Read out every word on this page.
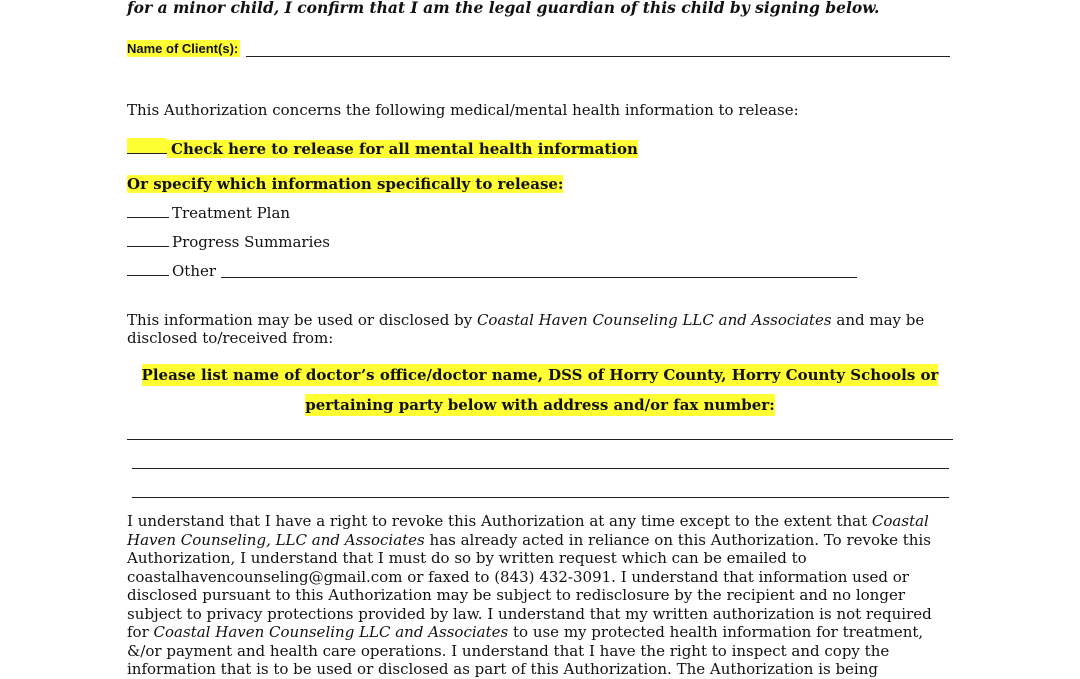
for a minor child, I confirm that I am the legal guardian of this child by signing below.
Name of Client(s):
This Authorization concerns the following medical/mental health information to release:
Check here to release for all mental health information
Or specify which information specifically to release:
Treatment Plan
Progress Summaries
Other
This information may be used or disclosed by Coastal Haven Counseling LLC and Associates and may be
disclosed to/received from:
Please list name of doctor’s office/doctor name, DSS of Horry County, Horry County Schools or
pertaining party below with address and/or fax number:
I understand that I have a right to revoke this Authorization at any time except to the extent that Coastal
Haven Counseling, LLC and Associates has already acted in reliance on this Authorization. To revoke this
Authorization, I understand that I must do so by written request which can be emailed to
coastalhavencounseling@gmail.com or faxed to (843) 432-3091. I understand that information used or
disclosed pursuant to this Authorization may be subject to redisclosure by the recipient and no longer
subject to privacy protections provided by law. I understand that my written authorization is not required
for Coastal Haven Counseling LLC and Associates to use my protected health information for treatment,
&/or payment and health care operations. I understand that I have the right to inspect and copy the
information that is to be used or disclosed as part of this Authorization. The Authorization is being
